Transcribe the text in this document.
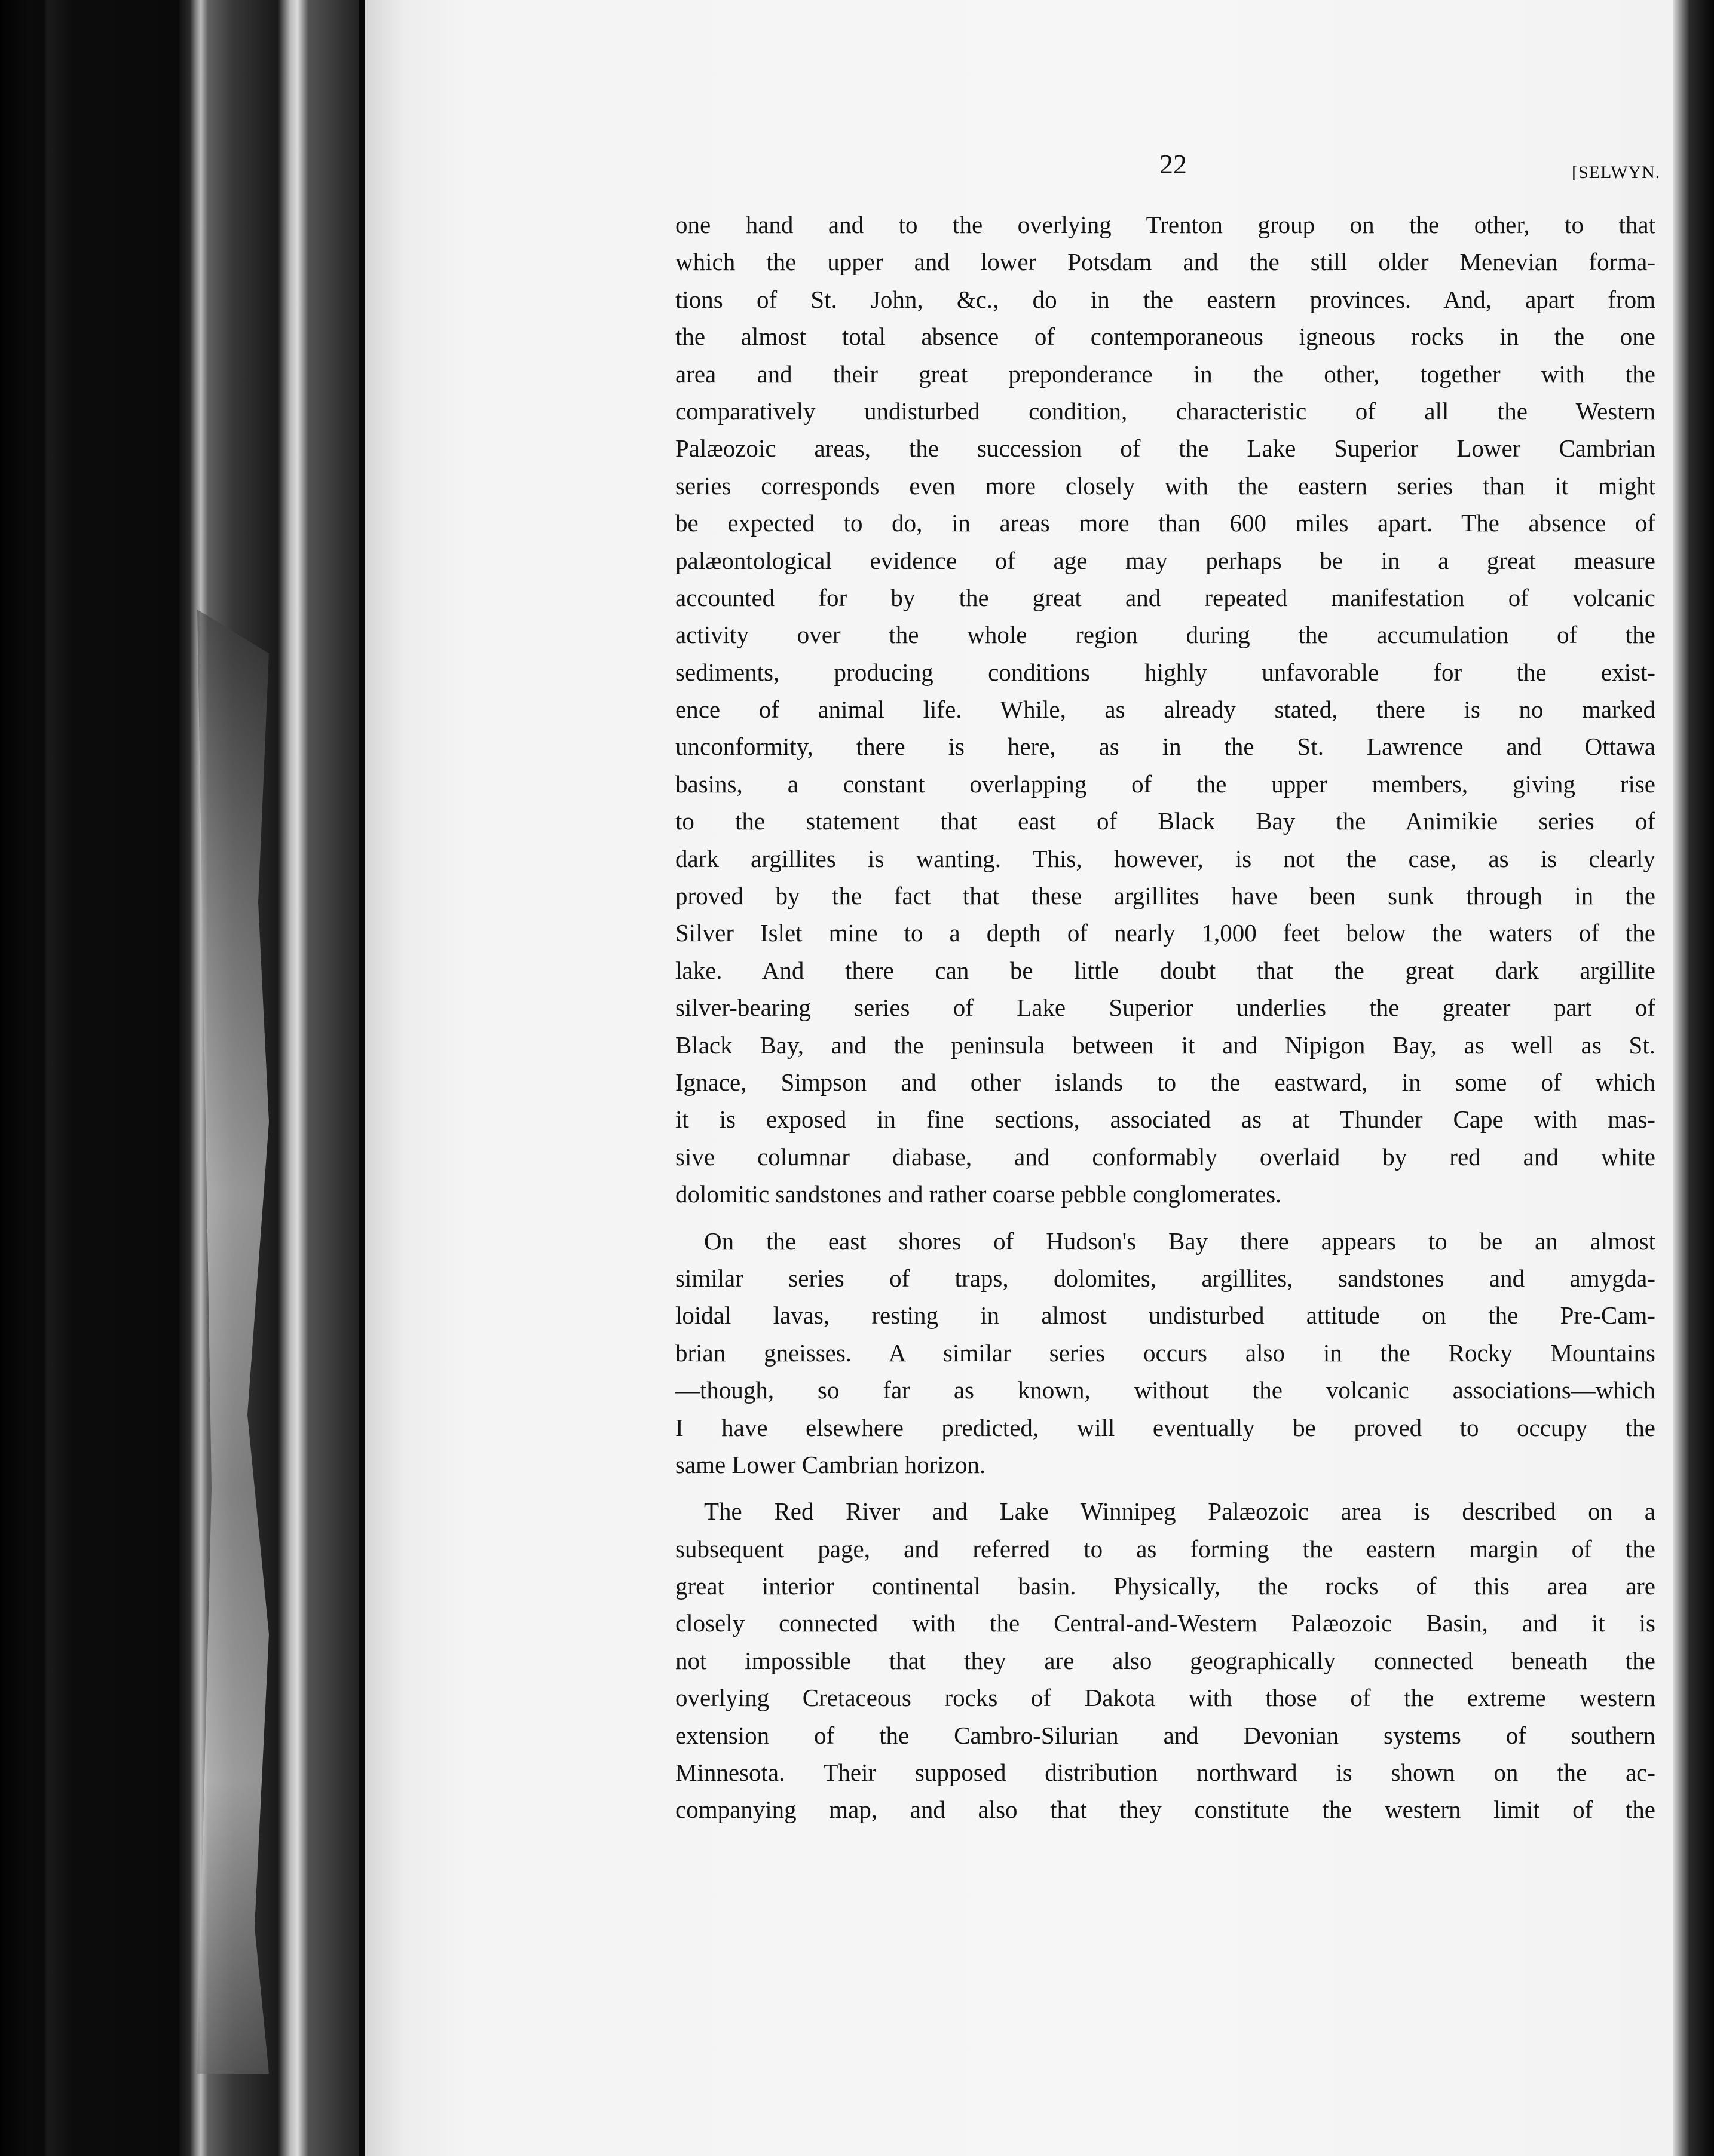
22	[SELWYN.
one hand and to the overlying Trenton group on the other, to that
which the upper and lower Potsdam and the still older Menevian forma-
tions of St. John, &c., do in the eastern provinces. And, apart from
the almost total absence of contemporaneous igneous rocks in the one
area and their great preponderance in the other, together with the
comparatively undisturbed condition, characteristic of all the Western
Palæozoic areas, the succession of the Lake Superior Lower Cambrian
series corresponds even more closely with the eastern series than it might
be expected to do, in areas more than 600 miles apart. The absence of
palæontological evidence of age may perhaps be in a great measure
accounted for by the great and repeated manifestation of volcanic
activity over the whole region during the accumulation of the
sediments, producing conditions highly unfavorable for the exist-
ence of animal life. While, as already stated, there is no marked
unconformity, there is here, as in the St. Lawrence and Ottawa
basins, a constant overlapping of the upper members, giving rise
to the statement that east of Black Bay the Animikie series of
dark argillites is wanting. This, however, is not the case, as is clearly
proved by the fact that these argillites have been sunk through in the
Silver Islet mine to a depth of nearly 1,000 feet below the waters of the
lake. And there can be little doubt that the great dark argillite
silver-bearing series of Lake Superior underlies the greater part of
Black Bay, and the peninsula between it and Nipigon Bay, as well as St.
Ignace, Simpson and other islands to the eastward, in some of which
it is exposed in fine sections, associated as at Thunder Cape with mas-
sive columnar diabase, and conformably overlaid by red and white
dolomitic sandstones and rather coarse pebble conglomerates.
On the east shores of Hudson's Bay there appears to be an almost
similar series of traps, dolomites, argillites, sandstones and amygda-
loidal lavas, resting in almost undisturbed attitude on the Pre-Cam-
brian gneisses. A similar series occurs also in the Rocky Mountains
—though, so far as known, without the volcanic associations—which
I have elsewhere predicted, will eventually be proved to occupy the
same Lower Cambrian horizon.
The Red River and Lake Winnipeg Palæozoic area is described on a
subsequent page, and referred to as forming the eastern margin of the
great interior continental basin. Physically, the rocks of this area are
closely connected with the Central-and-Western Palæozoic Basin, and it is
not impossible that they are also geographically connected beneath the
overlying Cretaceous rocks of Dakota with those of the extreme western
extension of the Cambro-Silurian and Devonian systems of southern
Minnesota. Their supposed distribution northward is shown on the ac-
companying map, and also that they constitute the western limit of the
